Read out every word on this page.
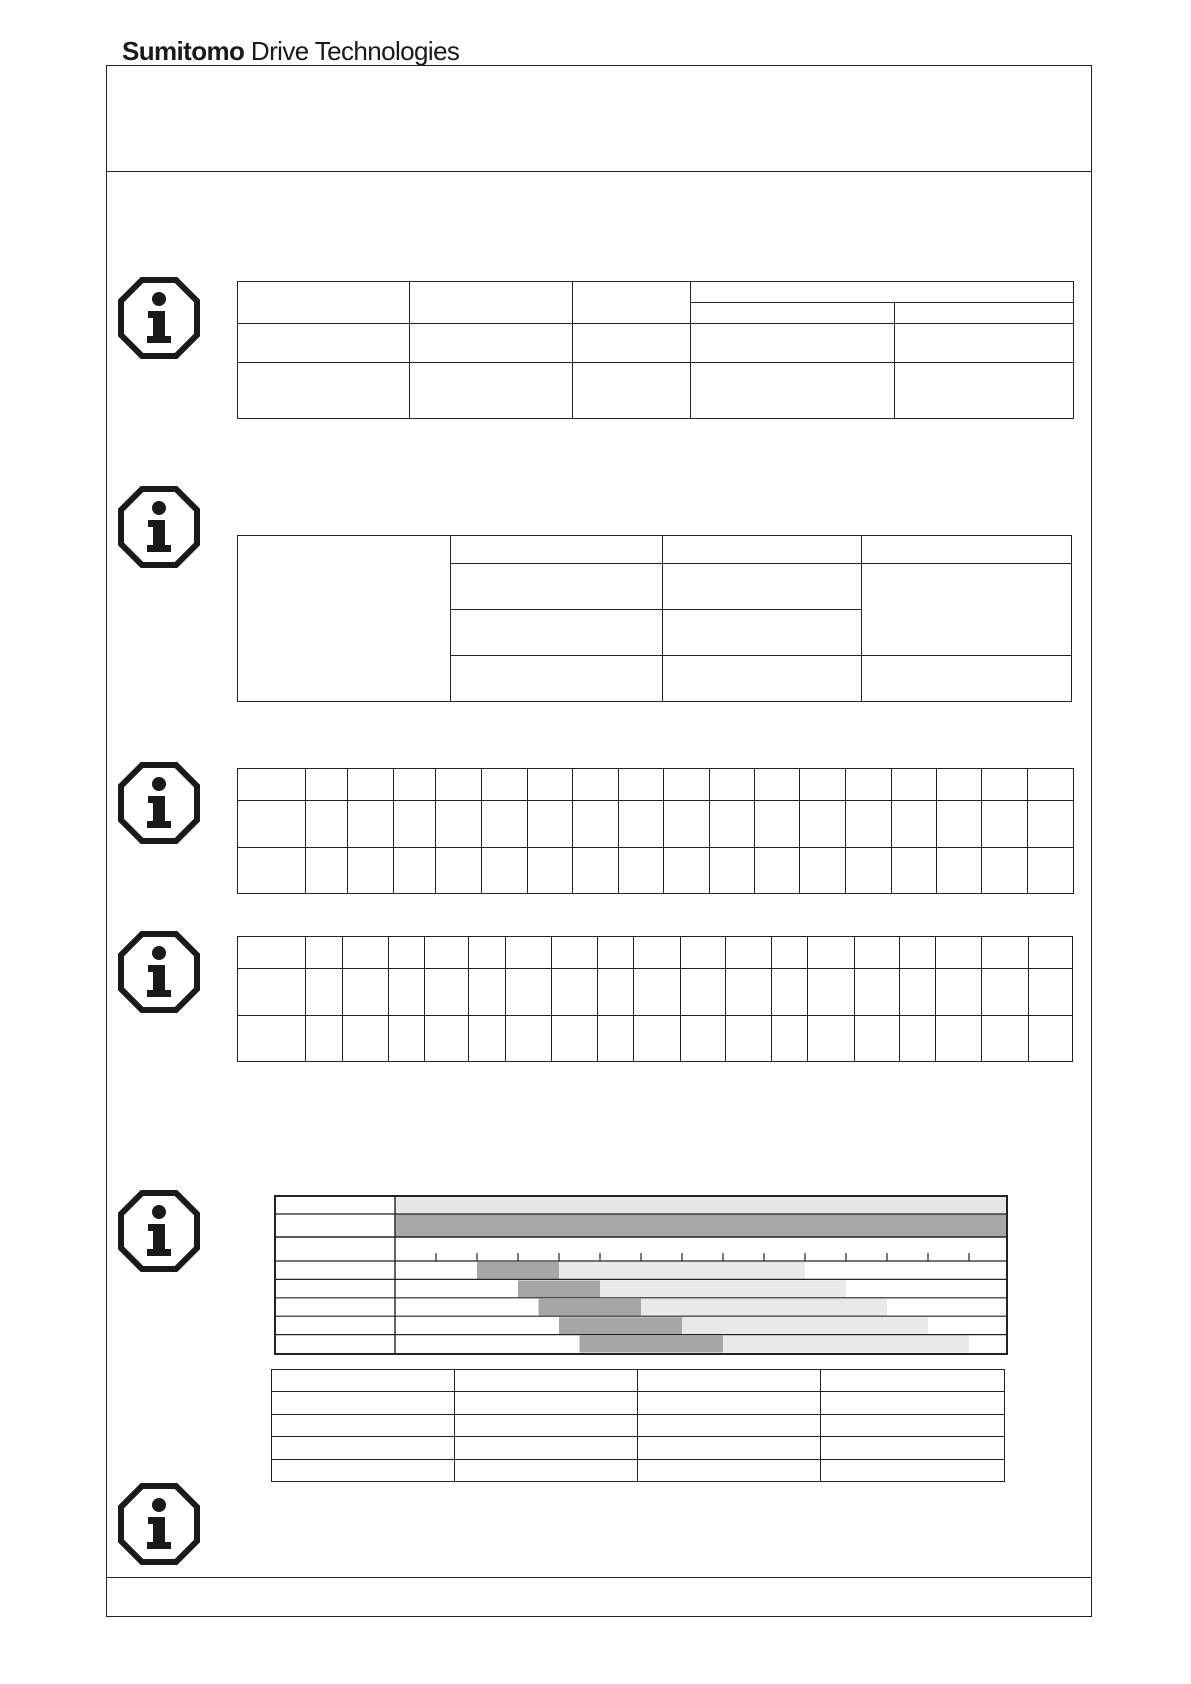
Sumitomo Drive Technologies
